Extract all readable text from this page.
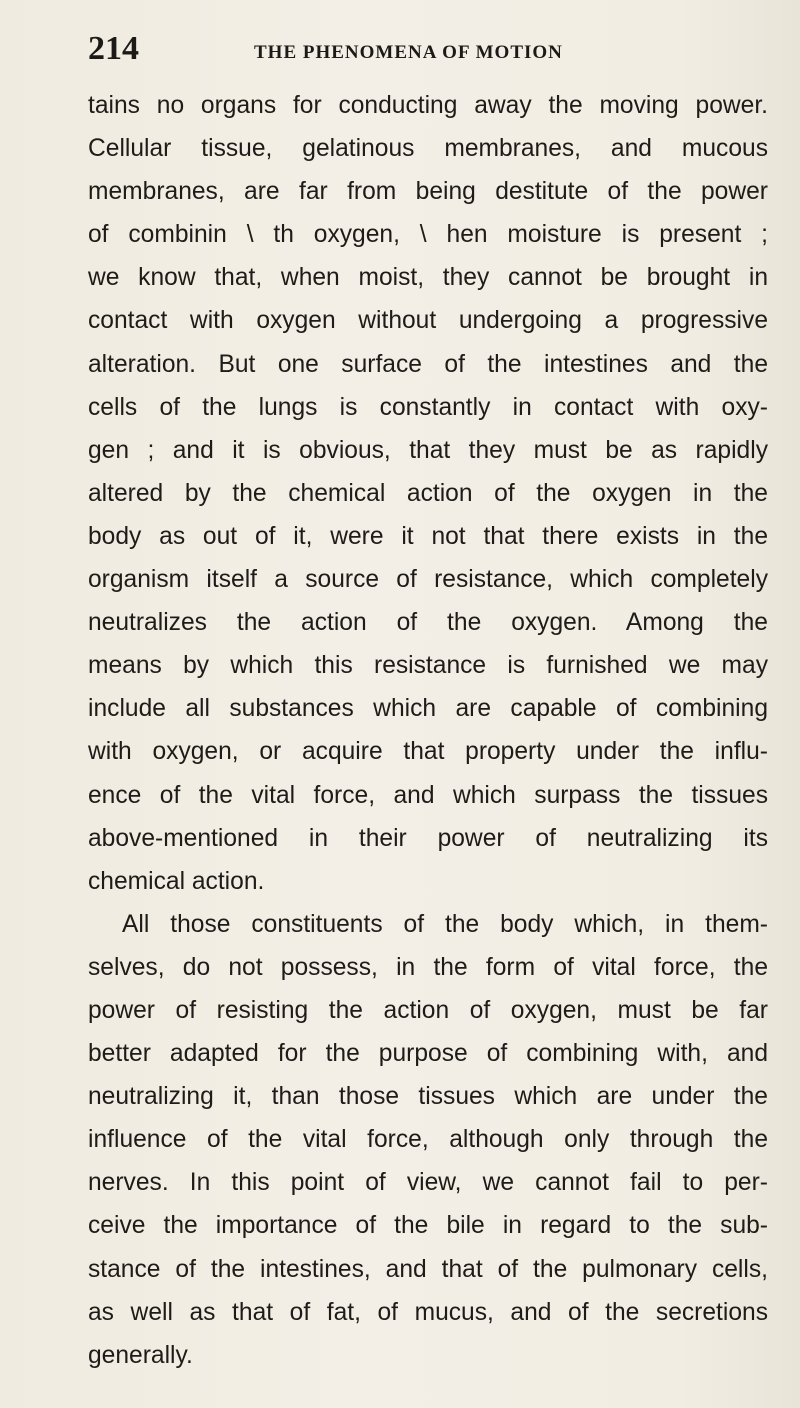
214	THE PHENOMENA OF MOTION
tains no organs for conducting away the moving power.
Cellular tissue, gelatinous membranes, and mucous
membranes, are far from being destitute of the power
of combinin \ th oxygen, \ hen moisture is present ;
we know that, when moist, they cannot be brought in
contact with oxygen without undergoing a progressive
alteration. But one surface of the intestines and the
cells of the lungs is constantly in contact with oxy-
gen ; and it is obvious, that they must be as rapidly
altered by the chemical action of the oxygen in the
body as out of it, were it not that there exists in the
organism itself a source of resistance, which completely
neutralizes the action of the oxygen. Among the
means by which this resistance is furnished we may
include all substances which are capable of combining
with oxygen, or acquire that property under the influ-
ence of the vital force, and which surpass the tissues
above-mentioned in their power of neutralizing its
chemical action.
All those constituents of the body which, in them-
selves, do not possess, in the form of vital force, the
power of resisting the action of oxygen, must be far
better adapted for the purpose of combining with, and
neutralizing it, than those tissues which are under the
influence of the vital force, although only through the
nerves. In this point of view, we cannot fail to per-
ceive the importance of the bile in regard to the sub-
stance of the intestines, and that of the pulmonary cells,
as well as that of fat, of mucus, and of the secretions
generally.
